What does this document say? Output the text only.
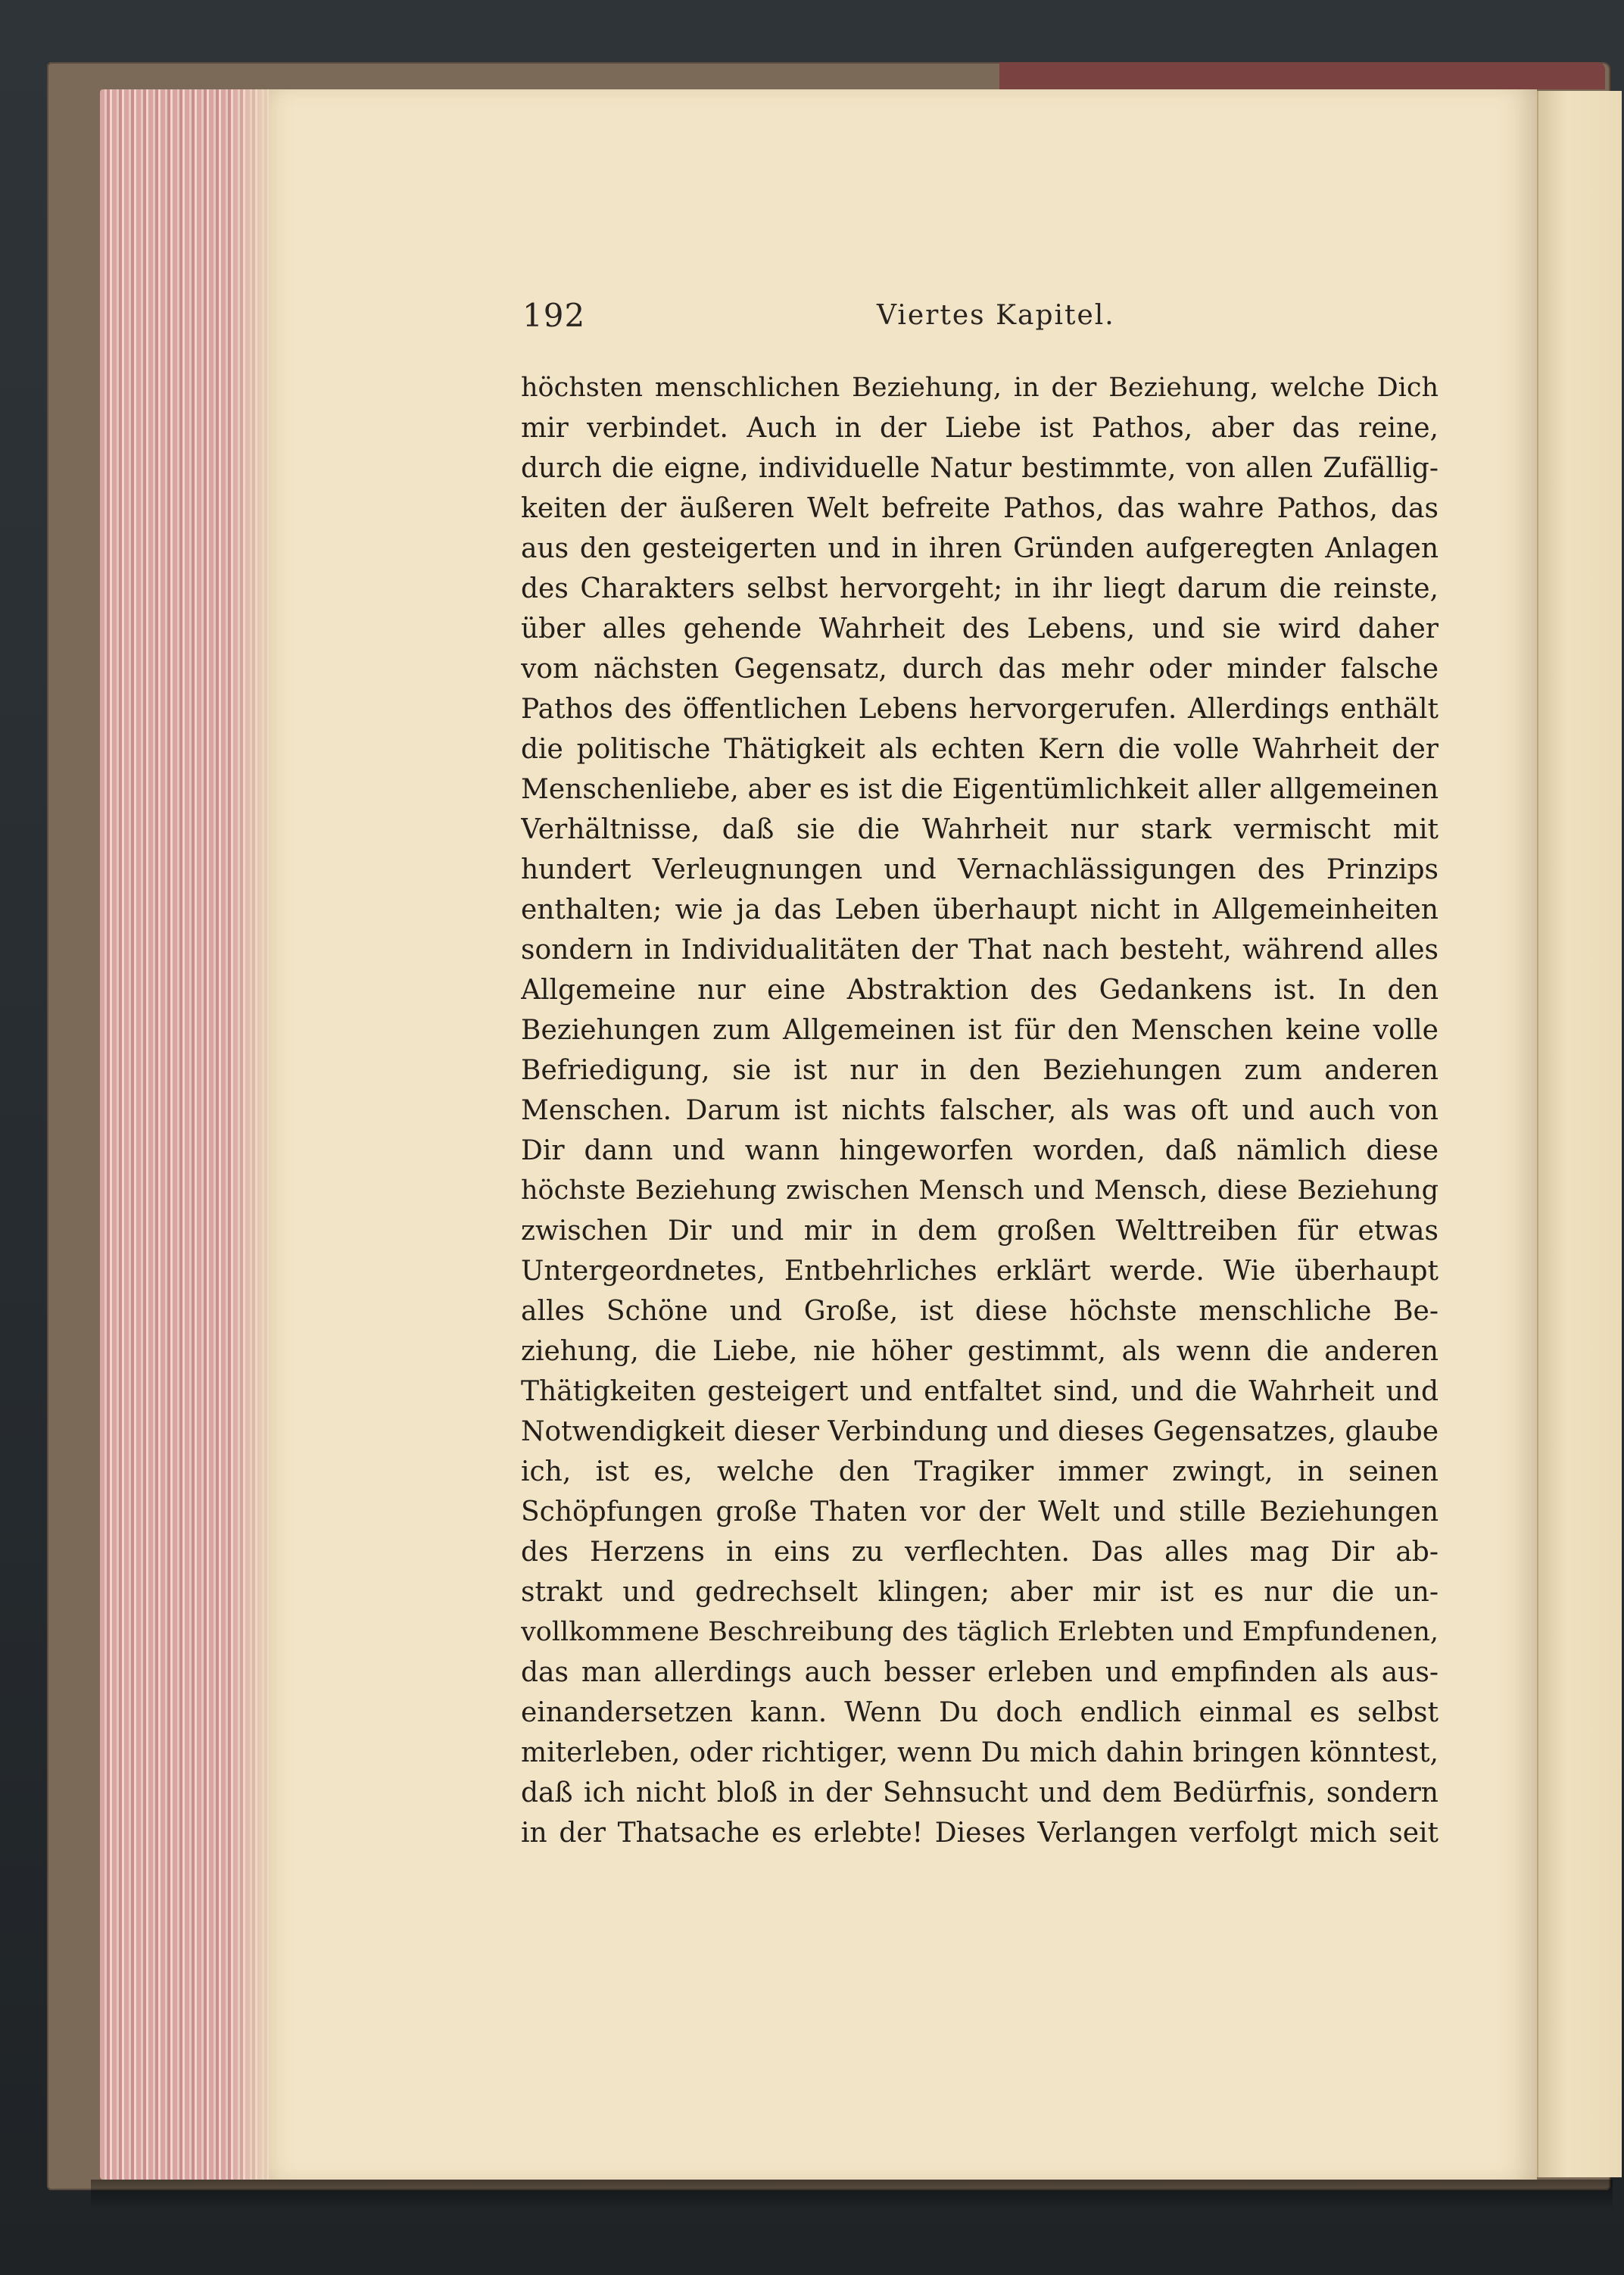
192	Viertes Kapitel.
höchsten menschlichen Beziehung, in der Beziehung, welche Dich
mir verbindet. Auch in der Liebe ist Pathos, aber das reine,
durch die eigne, individuelle Natur bestimmte, von allen Zufällig-
keiten der äußeren Welt befreite Pathos, das wahre Pathos, das
aus den gesteigerten und in ihren Gründen aufgeregten Anlagen
des Charakters selbst hervorgeht; in ihr liegt darum die reinste,
über alles gehende Wahrheit des Lebens, und sie wird daher
vom nächsten Gegensatz, durch das mehr oder minder falsche
Pathos des öffentlichen Lebens hervorgerufen. Allerdings enthält
die politische Thätigkeit als echten Kern die volle Wahrheit der
Menschenliebe, aber es ist die Eigentümlichkeit aller allgemeinen
Verhältnisse, daß sie die Wahrheit nur stark vermischt mit
hundert Verleugnungen und Vernachlässigungen des Prinzips
enthalten; wie ja das Leben überhaupt nicht in Allgemeinheiten
sondern in Individualitäten der That nach besteht, während alles
Allgemeine nur eine Abstraktion des Gedankens ist. In den
Beziehungen zum Allgemeinen ist für den Menschen keine volle
Befriedigung, sie ist nur in den Beziehungen zum anderen
Menschen. Darum ist nichts falscher, als was oft und auch von
Dir dann und wann hingeworfen worden, daß nämlich diese
höchste Beziehung zwischen Mensch und Mensch, diese Beziehung
zwischen Dir und mir in dem großen Welttreiben für etwas
Untergeordnetes, Entbehrliches erklärt werde. Wie überhaupt
alles Schöne und Große, ist diese höchste menschliche Be-
ziehung, die Liebe, nie höher gestimmt, als wenn die anderen
Thätigkeiten gesteigert und entfaltet sind, und die Wahrheit und
Notwendigkeit dieser Verbindung und dieses Gegensatzes, glaube
ich, ist es, welche den Tragiker immer zwingt, in seinen
Schöpfungen große Thaten vor der Welt und stille Beziehungen
des Herzens in eins zu verflechten. Das alles mag Dir ab-
strakt und gedrechselt klingen; aber mir ist es nur die un-
vollkommene Beschreibung des täglich Erlebten und Empfundenen,
das man allerdings auch besser erleben und empfinden als aus-
einandersetzen kann. Wenn Du doch endlich einmal es selbst
miterleben, oder richtiger, wenn Du mich dahin bringen könntest,
daß ich nicht bloß in der Sehnsucht und dem Bedürfnis, sondern
in der Thatsache es erlebte! Dieses Verlangen verfolgt mich seit
